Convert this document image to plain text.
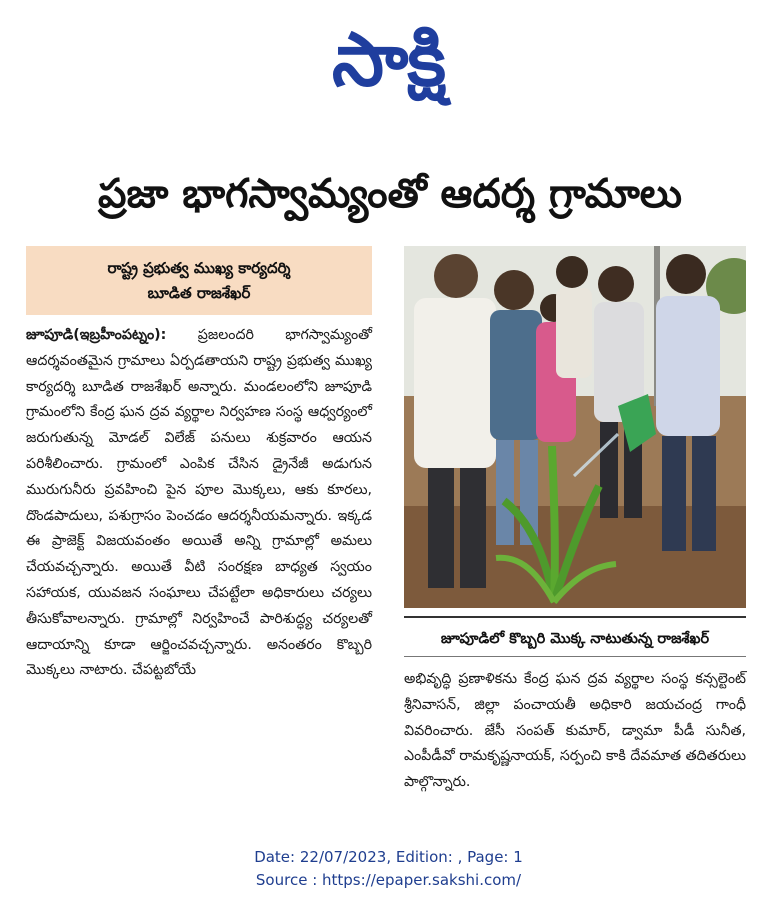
సాక్షి
ప్రజా భాగస్వామ్యంతో ఆదర్శ గ్రామాలు
రాష్ట్ర ప్రభుత్వ ముఖ్య కార్యదర్శి
బూడిత రాజశేఖర్
జూపూడి(ఇబ్రహీంపట్నం): ప్రజలందరి భాగస్వామ్యంతో ఆదర్శవంతమైన గ్రామాలు ఏర్పడతాయని రాష్ట్ర ప్రభుత్వ ముఖ్య కార్యదర్శి బూడిత రాజశేఖర్ అన్నారు. మండలంలోని జూపూడి గ్రామంలోని కేంద్ర ఘన ద్రవ వ్యర్థాల నిర్వహణ సంస్థ ఆధ్వర్యంలో జరుగుతున్న మోడల్ విలేజ్ పనులు శుక్రవారం ఆయన పరిశీలించారు. గ్రామంలో ఎంపిక చేసిన డ్రైనేజీ అడుగున మురుగునీరు ప్రవహించి పైన పూల మొక్కలు, ఆకు కూరలు, దొండపాదులు, పశుగ్రాసం పెంచడం ఆదర్శనీయమన్నారు. ఇక్కడ ఈ ప్రాజెక్ట్ విజయవంతం అయితే అన్ని గ్రామాల్లో అమలు చేయవచ్చన్నారు. అయితే వీటి సంరక్షణ బాధ్యత స్వయం సహాయక, యువజన సంఘాలు చేపట్టేలా అధికారులు చర్యలు తీసుకోవాలన్నారు. గ్రామాల్లో నిర్వహించే పారిశుద్ధ్య చర్యలతో ఆదాయాన్ని కూడా ఆర్జించవచ్చన్నారు. అనంతరం కొబ్బరి మొక్కలు నాటారు. చేపట్టబోయే
జూపూడిలో కొబ్బరి మొక్క నాటుతున్న రాజశేఖర్
అభివృద్ధి ప్రణాళికను కేంద్ర ఘన ద్రవ వ్యర్థాల సంస్థ కన్సల్టెంట్ శ్రీనివాసన్, జిల్లా పంచాయతీ అధికారి జయచంద్ర గాంధీ వివరించారు. జేసీ సంపత్ కుమార్, డ్వామా పీడీ సునీత, ఎంపీడీవో రామకృష్ణనాయక్, సర్పంచి కాకి దేవమాత తదితరులు పాల్గొన్నారు.
Date: 22/07/2023, Edition: , Page: 1
Source : https://epaper.sakshi.com/
